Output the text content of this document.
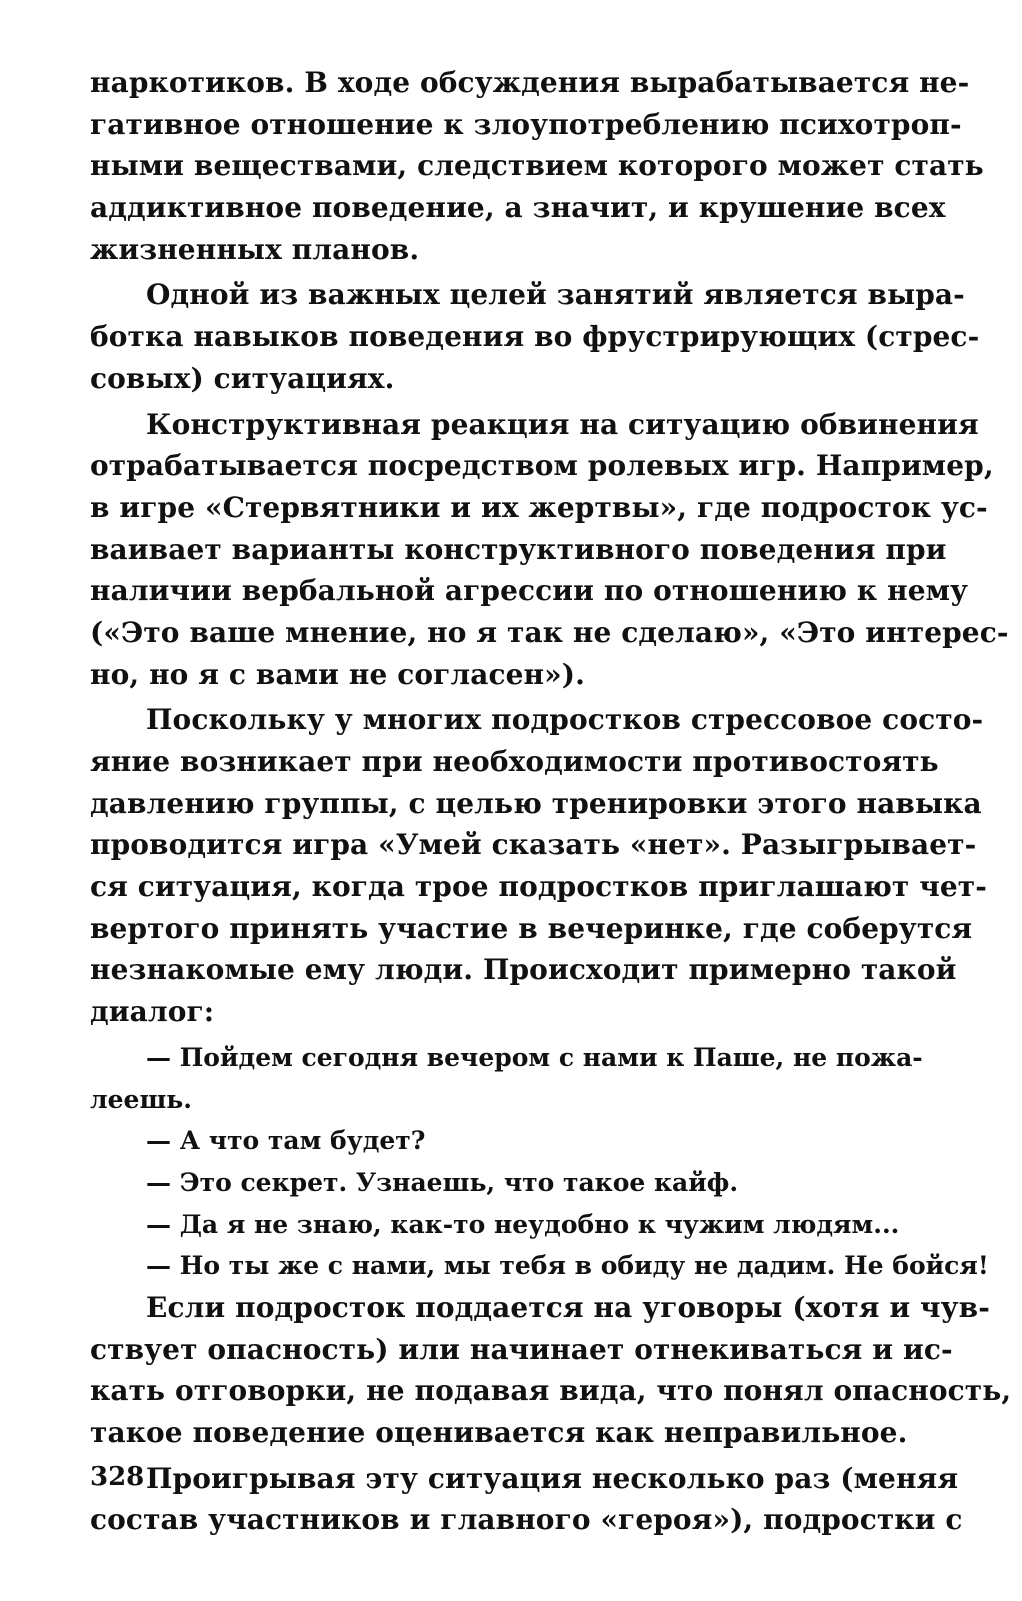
наркотиков. В ходе обсуждения вырабатывается не-
гативное отношение к злоупотреблению психотроп-
ными веществами, следствием которого может стать
аддиктивное поведение, а значит, и крушение всех
жизненных планов.
Одной из важных целей занятий является выра-
ботка навыков поведения во фрустрирующих (стрес-
совых) ситуациях.
Конструктивная реакция на ситуацию обвинения
отрабатывается посредством ролевых игр. Например,
в игре «Стервятники и их жертвы», где подросток ус-
ваивает варианты конструктивного поведения при
наличии вербальной агрессии по отношению к нему
(«Это ваше мнение, но я так не сделаю», «Это интерес-
но, но я с вами не согласен»).
Поскольку у многих подростков стрессовое состо-
яние возникает при необходимости противостоять
давлению группы, с целью тренировки этого навыка
проводится игра «Умей сказать «нет». Разыгрывает-
ся ситуация, когда трое подростков приглашают чет-
вертого принять участие в вечеринке, где соберутся
незнакомые ему люди. Происходит примерно такой
диалог:
— Пойдем сегодня вечером с нами к Паше, не пожа-
леешь.
— А что там будет?
— Это секрет. Узнаешь, что такое кайф.
— Да я не знаю, как-то неудобно к чужим людям...
— Но ты же с нами, мы тебя в обиду не дадим. Не бойся!
Если подросток поддается на уговоры (хотя и чув-
ствует опасность) или начинает отнекиваться и ис-
кать отговорки, не подавая вида, что понял опасность,
такое поведение оценивается как неправильное.
Проигрывая эту ситуация несколько раз (меняя
состав участников и главного «героя»), подростки с
328
